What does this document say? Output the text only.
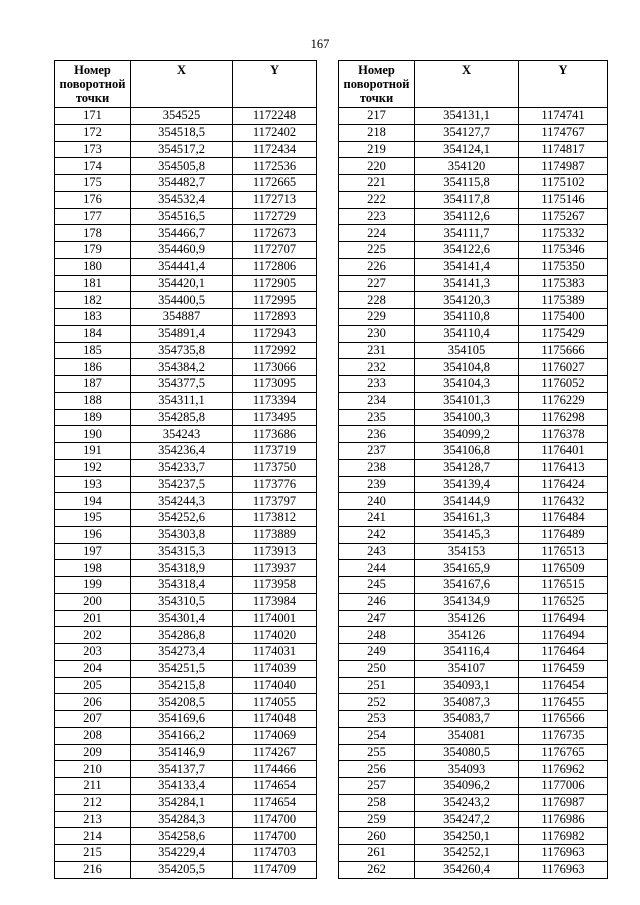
167
Номер поворотной точки	X	Y
171	354525	1172248
172	354518,5	1172402
173	354517,2	1172434
174	354505,8	1172536
175	354482,7	1172665
176	354532,4	1172713
177	354516,5	1172729
178	354466,7	1172673
179	354460,9	1172707
180	354441,4	1172806
181	354420,1	1172905
182	354400,5	1172995
183	354887	1172893
184	354891,4	1172943
185	354735,8	1172992
186	354384,2	1173066
187	354377,5	1173095
188	354311,1	1173394
189	354285,8	1173495
190	354243	1173686
191	354236,4	1173719
192	354233,7	1173750
193	354237,5	1173776
194	354244,3	1173797
195	354252,6	1173812
196	354303,8	1173889
197	354315,3	1173913
198	354318,9	1173937
199	354318,4	1173958
200	354310,5	1173984
201	354301,4	1174001
202	354286,8	1174020
203	354273,4	1174031
204	354251,5	1174039
205	354215,8	1174040
206	354208,5	1174055
207	354169,6	1174048
208	354166,2	1174069
209	354146,9	1174267
210	354137,7	1174466
211	354133,4	1174654
212	354284,1	1174654
213	354284,3	1174700
214	354258,6	1174700
215	354229,4	1174703
216	354205,5	1174709
Номер поворотной точки	X	Y
217	354131,1	1174741
218	354127,7	1174767
219	354124,1	1174817
220	354120	1174987
221	354115,8	1175102
222	354117,8	1175146
223	354112,6	1175267
224	354111,7	1175332
225	354122,6	1175346
226	354141,4	1175350
227	354141,3	1175383
228	354120,3	1175389
229	354110,8	1175400
230	354110,4	1175429
231	354105	1175666
232	354104,8	1176027
233	354104,3	1176052
234	354101,3	1176229
235	354100,3	1176298
236	354099,2	1176378
237	354106,8	1176401
238	354128,7	1176413
239	354139,4	1176424
240	354144,9	1176432
241	354161,3	1176484
242	354145,3	1176489
243	354153	1176513
244	354165,9	1176509
245	354167,6	1176515
246	354134,9	1176525
247	354126	1176494
248	354126	1176494
249	354116,4	1176464
250	354107	1176459
251	354093,1	1176454
252	354087,3	1176455
253	354083,7	1176566
254	354081	1176735
255	354080,5	1176765
256	354093	1176962
257	354096,2	1177006
258	354243,2	1176987
259	354247,2	1176986
260	354250,1	1176982
261	354252,1	1176963
262	354260,4	1176963
